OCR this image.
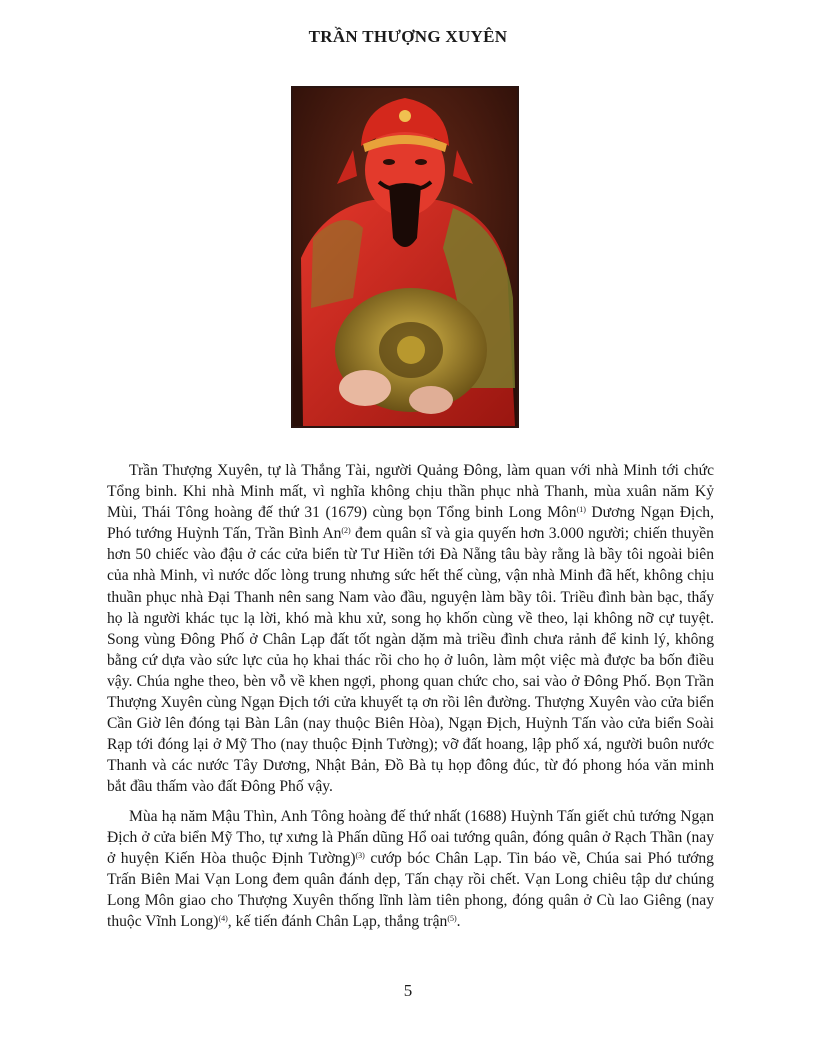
TRẦN THƯỢNG XUYÊN

Trần Thượng Xuyên, tự là Thắng Tài, người Quảng Đông, làm quan với nhà Minh tới chức Tổng binh. Khi nhà Minh mất, vì nghĩa không chịu thần phục nhà Thanh, mùa xuân năm Kỷ Mùi, Thái Tông hoàng đế thứ 31 (1679) cùng bọn Tổng binh Long Môn$^{(1)}$ Dương Ngạn Địch, Phó tướng Huỳnh Tấn, Trần Bình An$^{(2)}$ đem quân sĩ và gia quyến hơn 3.000 người; chiến thuyền hơn 50 chiếc vào đậu ở các cửa biển từ Tư Hiền tới Đà Nẵng tâu bày rằng là bầy tôi ngoài biên của nhà Minh, vì nước dốc lòng trung nhưng sức hết thế cùng, vận nhà Minh đã hết, không chịu thuần phục nhà Đại Thanh nên sang Nam vào đầu, nguyện làm bầy tôi. Triều đình bàn bạc, thấy họ là người khác tục lạ lời, khó mà khu xử, song họ khốn cùng về theo, lại không nỡ cự tuyệt. Song vùng Đông Phố ở Chân Lạp đất tốt ngàn dặm mà triều đình chưa rảnh để kinh lý, không bằng cứ dựa vào sức lực của họ khai thác rồi cho họ ở luôn, làm một việc mà được ba bốn điều vậy. Chúa nghe theo, bèn vỗ về khen ngợi, phong quan chức cho, sai vào ở Đông Phố. Bọn Trần Thượng Xuyên cùng Ngạn Địch tới cửa khuyết tạ ơn rồi lên đường. Thượng Xuyên vào cửa biển Cần Giờ lên đóng tại Bàn Lân (nay thuộc Biên Hòa), Ngạn Địch, Huỳnh Tấn vào cửa biển Soài Rạp tới đóng lại ở Mỹ Tho (nay thuộc Định Tường); vỡ đất hoang, lập phố xá, người buôn nước Thanh và các nước Tây Dương, Nhật Bản, Đồ Bà tụ họp đông đúc, từ đó phong hóa văn minh bắt đầu thấm vào đất Đông Phố vậy.

Mùa hạ năm Mậu Thìn, Anh Tông hoàng đế thứ nhất (1688) Huỳnh Tấn giết chủ tướng Ngạn Địch ở cửa biển Mỹ Tho, tự xưng là Phấn dũng Hổ oai tướng quân, đóng quân ở Rạch Thần (nay ở huyện Kiến Hòa thuộc Định Tường)$^{(3)}$ cướp bóc Chân Lạp. Tin báo về, Chúa sai Phó tướng Trấn Biên Mai Vạn Long đem quân đánh dẹp, Tấn chạy rồi chết. Vạn Long chiêu tập dư chúng Long Môn giao cho Thượng Xuyên thống lĩnh làm tiên phong, đóng quân ở Cù lao Giêng (nay thuộc Vĩnh Long)$^{(4)}$, kế tiến đánh Chân Lạp, thắng trận$^{(5)}$.

5
